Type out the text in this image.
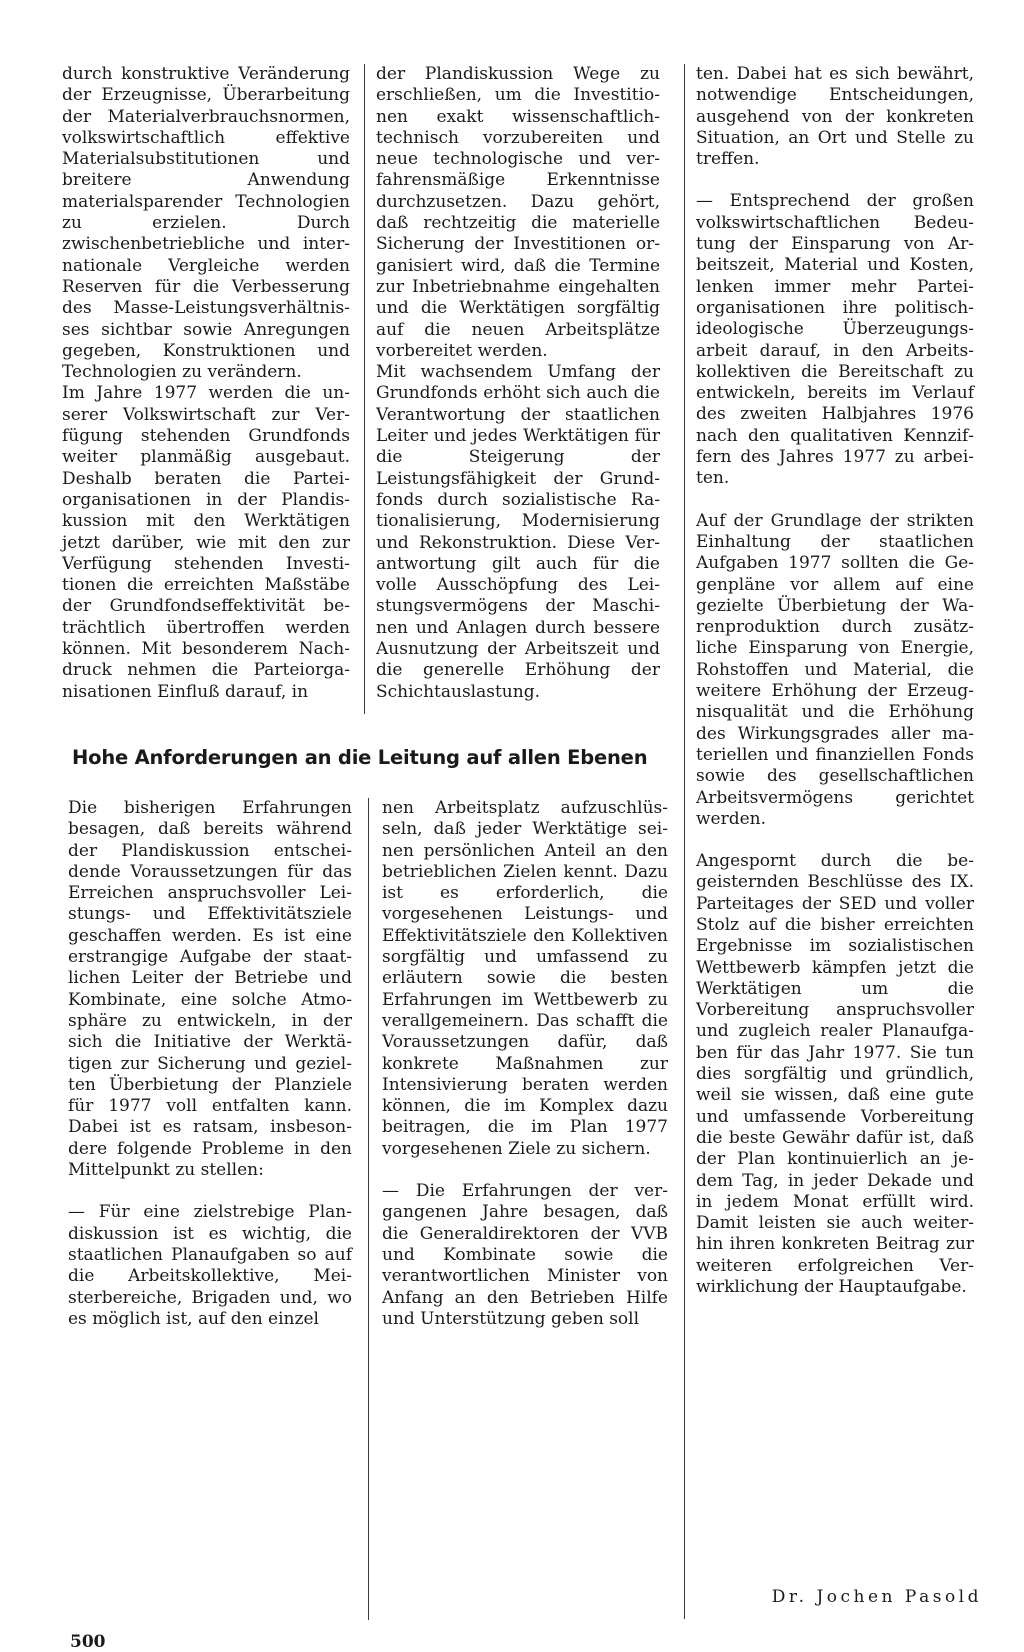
durch konstruktive Veränderung der Erzeugnisse, Überarbeitung der Materialverbrauchsnormen, volkswirtschaftlich effektive Materialsubstitutionen und breitere Anwendung materialsparender Technologien zu erzielen. Durch zwischenbetriebliche und internationale Vergleiche werden Reserven für die Verbesserung des Masse-Leistungsverhältnisses sichtbar sowie Anregungen gegeben, Konstruktionen und Technologien zu verändern.

Im Jahre 1977 werden die unserer Volkswirtschaft zur Verfügung stehenden Grundfonds weiter planmäßig ausgebaut. Deshalb beraten die Parteiorganisationen in der Plandiskussion mit den Werktätigen jetzt darüber, wie mit den zur Verfügung stehenden Investitionen die erreichten Maßstäbe der Grundfondseffektivität beträchtlich übertroffen werden können. Mit besonderem Nachdruck nehmen die Parteiorganisationen Einfluß darauf, in

der Plandiskussion Wege zu erschließen, um die Investitionen exakt wissenschaftlich-technisch vorzubereiten und neue technologische und verfahrensmäßige Erkenntnisse durchzusetzen. Dazu gehört, daß rechtzeitig die materielle Sicherung der Investitionen organisiert wird, daß die Termine zur Inbetriebnahme eingehalten und die Werktätigen sorgfältig auf die neuen Arbeitsplätze vorbereitet werden.

Mit wachsendem Umfang der Grundfonds erhöht sich auch die Verantwortung der staatlichen Leiter und jedes Werktätigen für die Steigerung der Leistungsfähigkeit der Grundfonds durch sozialistische Rationalisierung, Modernisierung und Rekonstruktion. Diese Verantwortung gilt auch für die volle Ausschöpfung des Leistungsvermögens der Maschinen und Anlagen durch bessere Ausnutzung der Arbeitszeit und die generelle Erhöhung der Schichtauslastung.

ten. Dabei hat es sich bewährt, notwendige Entscheidungen, ausgehend von der konkreten Situation, an Ort und Stelle zu treffen.

— Entsprechend der großen volkswirtschaftlichen Bedeutung der Einsparung von Arbeitszeit, Material und Kosten, lenken immer mehr Parteiorganisationen ihre politisch-ideologische Überzeugungsarbeit darauf, in den Arbeitskollektiven die Bereitschaft zu entwickeln, bereits im Verlauf des zweiten Halbjahres 1976 nach den qualitativen Kennziffern des Jahres 1977 zu arbeiten.

Auf der Grundlage der strikten Einhaltung der staatlichen Aufgaben 1977 sollten die Gegenpläne vor allem auf eine gezielte Überbietung der Warenproduktion durch zusätzliche Einsparung von Energie, Rohstoffen und Material, die weitere Erhöhung der Erzeugnisqualität und die Erhöhung des Wirkungsgrades aller materiellen und finanziellen Fonds sowie des gesellschaftlichen Arbeitsvermögens gerichtet werden.

Angespornt durch die begeisternden Beschlüsse des IX. Parteitages der SED und voller Stolz auf die bisher erreichten Ergebnisse im sozialistischen Wettbewerb kämpfen jetzt die Werktätigen um die Vorbereitung anspruchsvoller und zugleich realer Planaufgaben für das Jahr 1977. Sie tun dies sorgfältig und gründlich, weil sie wissen, daß eine gute und umfassende Vorbereitung die beste Gewähr dafür ist, daß der Plan kontinuierlich an jedem Tag, in jeder Dekade und in jedem Monat erfüllt wird. Damit leisten sie auch weiterhin ihren konkreten Beitrag zur weiteren erfolgreichen Verwirklichung der Hauptaufgabe.

Hohe Anforderungen an die Leitung auf allen Ebenen

Die bisherigen Erfahrungen besagen, daß bereits während der Plandiskussion entscheidende Voraussetzungen für das Erreichen anspruchsvoller Leistungs- und Effektivitätsziele geschaffen werden. Es ist eine erstrangige Aufgabe der staatlichen Leiter der Betriebe und Kombinate, eine solche Atmosphäre zu entwickeln, in der sich die Initiative der Werktätigen zur Sicherung und gezielten Überbietung der Planziele für 1977 voll entfalten kann. Dabei ist es ratsam, insbesondere folgende Probleme in den Mittelpunkt zu stellen:

— Für eine zielstrebige Plandiskussion ist es wichtig, die staatlichen Planaufgaben so auf die Arbeitskollektive, Meisterbereiche, Brigaden und, wo es möglich ist, auf den einzel

nen Arbeitsplatz aufzuschlüsseln, daß jeder Werktätige seinen persönlichen Anteil an den betrieblichen Zielen kennt. Dazu ist es erforderlich, die vorgesehenen Leistungs- und Effektivitätsziele den Kollektiven sorgfältig und umfassend zu erläutern sowie die besten Erfahrungen im Wettbewerb zu verallgemeinern. Das schafft die Voraussetzungen dafür, daß konkrete Maßnahmen zur Intensivierung beraten werden können, die im Komplex dazu beitragen, die im Plan 1977 vorgesehenen Ziele zu sichern.

— Die Erfahrungen der vergangenen Jahre besagen, daß die Generaldirektoren der VVB und Kombinate sowie die verantwortlichen Minister von Anfang an den Betrieben Hilfe und Unterstützung geben soll

Dr. Jochen Pasold
500
